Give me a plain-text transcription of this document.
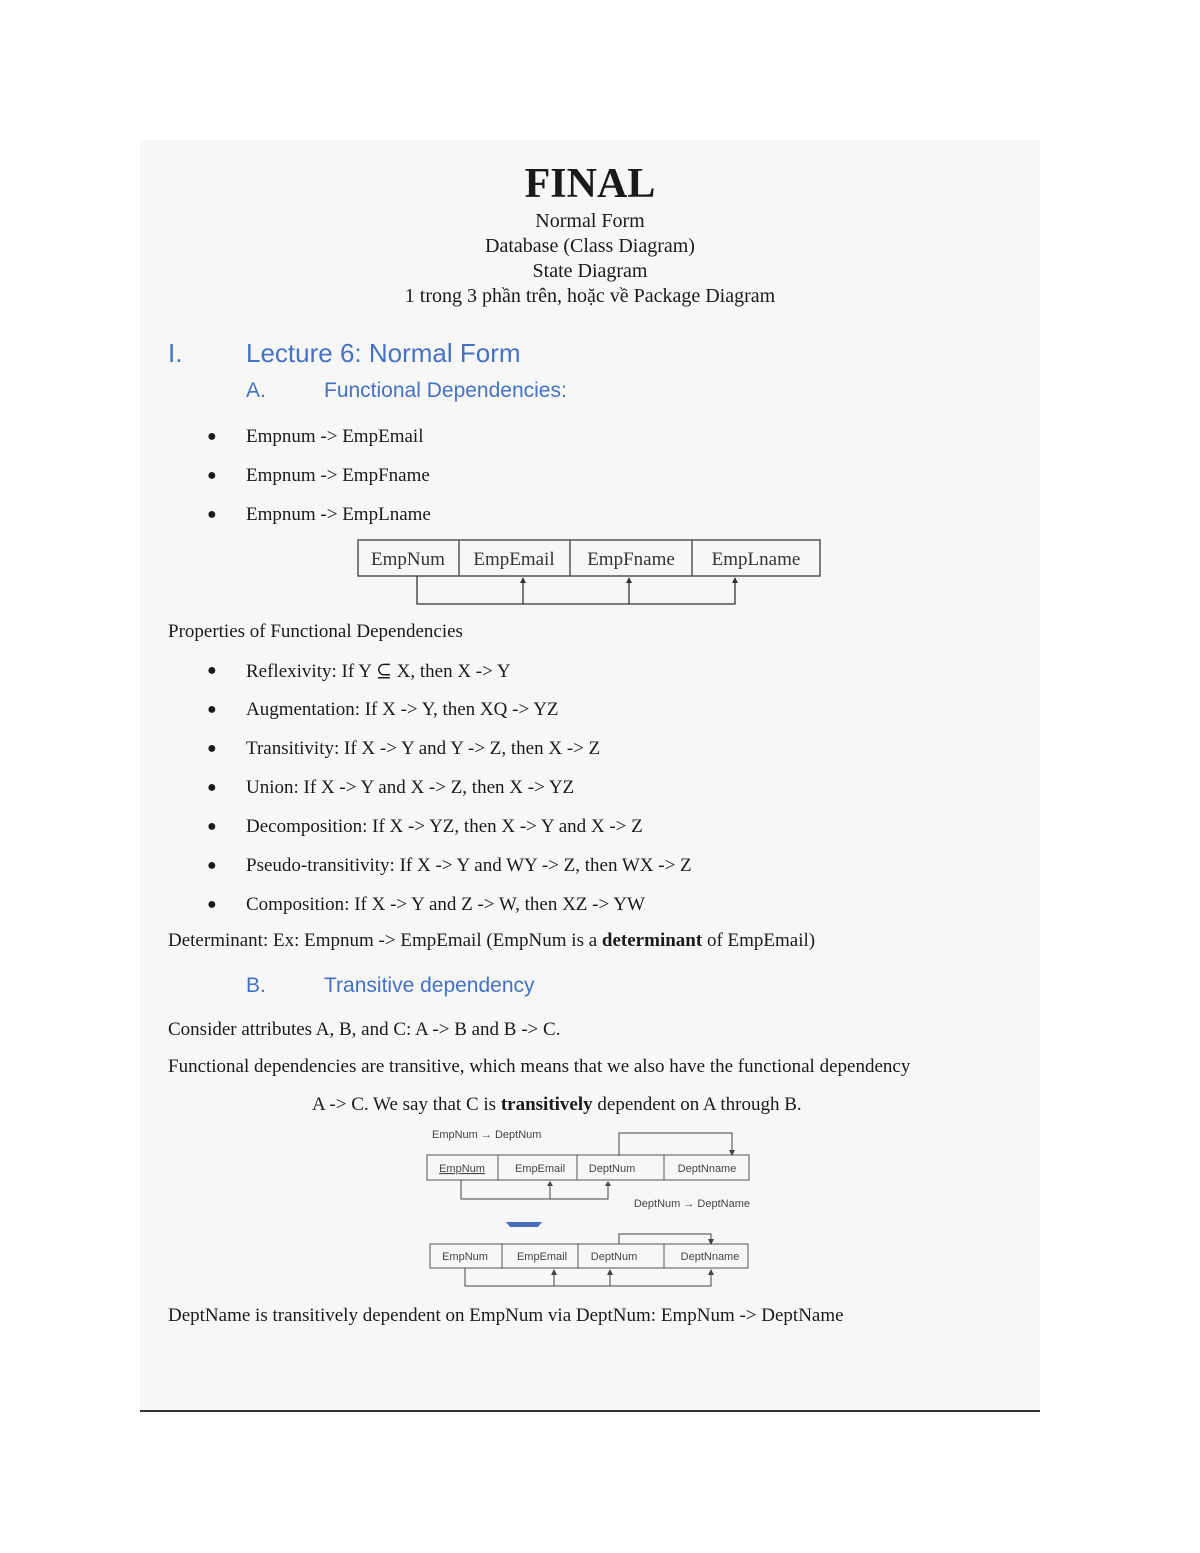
FINAL
Normal Form
Database (Class Diagram)
State Diagram
1 trong 3 phần trên, hoặc về Package Diagram
I. Lecture 6: Normal Form
A.	Functional Dependencies:
● Empnum -> EmpEmail
● Empnum -> EmpFname
● Empnum -> EmpLname
EmpNum EmpEmail EmpFname EmpLname
Properties of Functional Dependencies
● Reflexivity: If Y ⊆ X, then X -> Y
● Augmentation: If X -> Y, then XQ -> YZ
● Transitivity: If X -> Y and Y -> Z, then X -> Z
● Union: If X -> Y and X -> Z, then X -> YZ
● Decomposition: If X -> YZ, then X -> Y and X -> Z
● Pseudo-transitivity: If X -> Y and WY -> Z, then WX -> Z
● Composition: If X -> Y and Z -> W, then XZ -> YW
Determinant: Ex: Empnum -> EmpEmail (EmpNum is a determinant of EmpEmail)
B.	Transitive dependency
Consider attributes A, B, and C: A -> B and B -> C.
Functional dependencies are transitive, which means that we also have the functional dependency
A -> C. We say that C is transitively dependent on A through B.
EmpNum → DeptNum
EmpNum	EmpEmail DeptNum	DeptNname
DeptNum → DeptName
EmpNum	EmpEmail DeptNum	DeptNname
DeptName is transitively dependent on EmpNum via DeptNum: EmpNum -> DeptName
